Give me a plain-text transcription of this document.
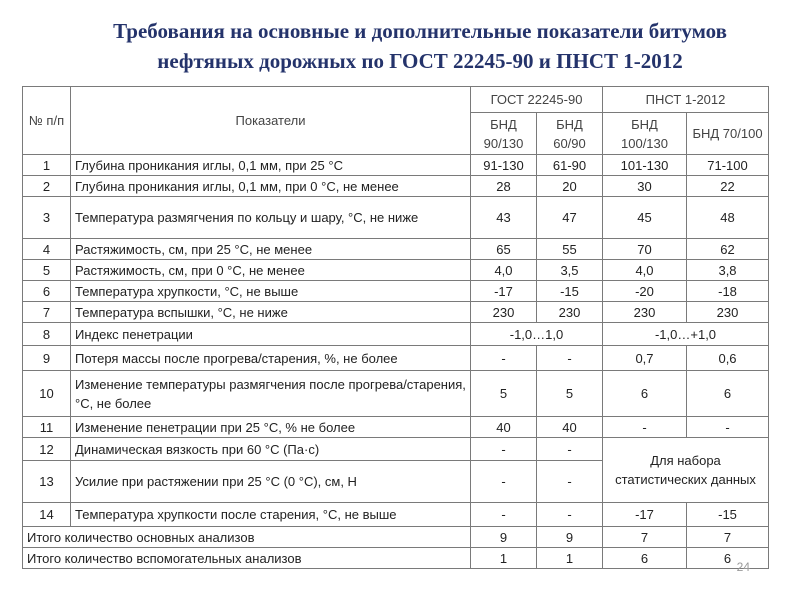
Требования на основные и дополнительные показатели битумов
нефтяных дорожных по ГОСТ 22245-90 и ПНСТ 1-2012
№ п/п	Показатели	ГОСТ 22245-90		ПНСТ 1-2012	
		БНД 90/130	БНД 60/90	БНД 100/130	БНД 70/100
1	Глубина проникания иглы, 0,1 мм, при 25 °С	91-130	61-90	101-130	71-100
2	Глубина проникания иглы, 0,1 мм, при 0 °С, не менее	28	20	30	22
3	Температура размягчения по кольцу и шару, °С, не ниже	43	47	45	48
4	Растяжимость, см, при 25 °С, не менее	65	55	70	62
5	Растяжимость, см, при 0 °С, не менее	4,0	3,5	4,0	3,8
6	Температура хрупкости, °С, не выше	-17	-15	-20	-18
7	Температура вспышки, °С, не ниже	230	230	230	230
8	Индекс пенетрации	-1,0…1,0		-1,0…+1,0	
9	Потеря массы после прогрева/старения, %, не более	-	-	0,7	0,6
10	Изменение температуры размягчения после прогрева/старения, °С, не более	5	5	6	6
11	Изменение пенетрации при 25 °С, % не более	40	40	-	-
12	Динамическая вязкость при 60 °С (Па·с)	-	-	Для набора статистических данных	
13	Усилие при растяжении при 25 °С (0 °С), см, Н	-	-		
14	Температура хрупкости после старения, °С, не выше	-	-	-17	-15
Итого количество основных анализов		9	9	7	7
Итого количество вспомогательных анализов		1	1	6	6
24
